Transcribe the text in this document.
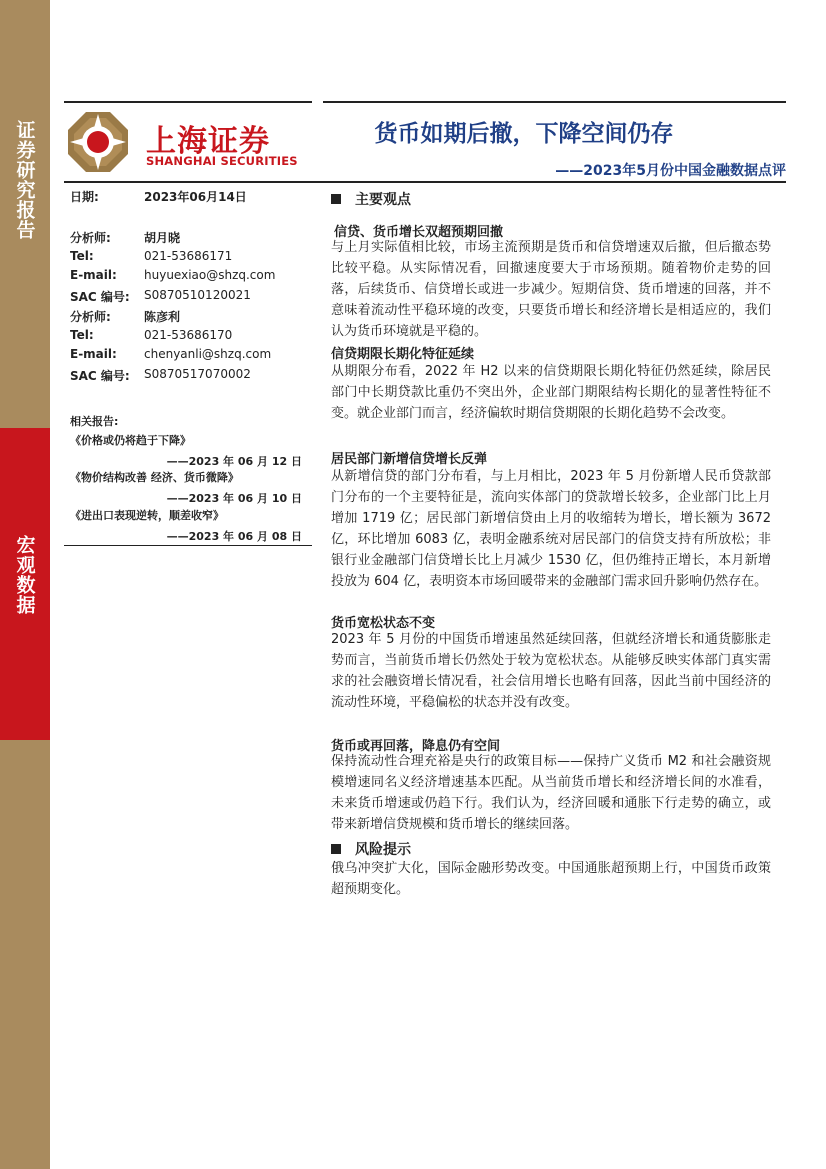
证券研究报告
宏观数据
上海证券
SHANGHAI SECURITIES
货币如期后撤，下降空间仍存
——2023年5月份中国金融数据点评
日期:	2023年06月14日
分析师:	胡月晓
Tel:	021-53686171
E-mail: huyuexiao@shzq.com
SAC 编号: S0870510120021
分析师:	陈彦利
Tel:	021-53686170
E-mail: chenyanli@shzq.com
SAC 编号: S0870517070002
相关报告:
《价格或仍将趋于下降》
——2023 年 06 月 12 日
《物价结构改善 经济、货币微降》
——2023 年 06 月 10 日
《进出口表现逆转，顺差收窄》
——2023 年 06 月 08 日
主要观点
信贷、货币增长双超预期回撤
与上月实际值相比较，市场主流预期是货币和信贷增速双后撤，但后撤态势比较平稳。从实际情况看，回撤速度要大于市场预期。随着物价走势的回落，后续货币、信贷增长或进一步减少。短期信贷、货币增速的回落，并不意味着流动性平稳环境的改变，只要货币增长和经济增长是相适应的，我们认为货币环境就是平稳的。
信贷期限长期化特征延续
从期限分布看，2022 年 H2 以来的信贷期限长期化特征仍然延续，除居民部门中长期贷款比重仍不突出外，企业部门期限结构长期化的显著性特征不变。就企业部门而言，经济偏软时期信贷期限的长期化趋势不会改变。
居民部门新增信贷增长反弹
从新增信贷的部门分布看，与上月相比，2023 年 5 月份新增人民币贷款部门分布的一个主要特征是，流向实体部门的贷款增长较多，企业部门比上月增加 1719 亿；居民部门新增信贷由上月的收缩转为增长，增长额为 3672 亿，环比增加 6083 亿，表明金融系统对居民部门的信贷支持有所放松；非银行业金融部门信贷增长比上月减少 1530 亿，但仍维持正增长，本月新增投放为 604 亿，表明资本市场回暖带来的金融部门需求回升影响仍然存在。
货币宽松状态不变
2023 年 5 月份的中国货币增速虽然延续回落，但就经济增长和通货膨胀走势而言，当前货币增长仍然处于较为宽松状态。从能够反映实体部门真实需求的社会融资增长情况看，社会信用增长也略有回落，因此当前中国经济的流动性环境，平稳偏松的状态并没有改变。
货币或再回落，降息仍有空间
保持流动性合理充裕是央行的政策目标——保持广义货币 M2 和社会融资规模增速同名义经济增速基本匹配。从当前货币增长和经济增长间的水准看，未来货币增速或仍趋下行。我们认为，经济回暖和通胀下行走势的确立，或带来新增信贷规模和货币增长的继续回落。
风险提示
俄乌冲突扩大化，国际金融形势改变。中国通胀超预期上行，中国货币政策超预期变化。
